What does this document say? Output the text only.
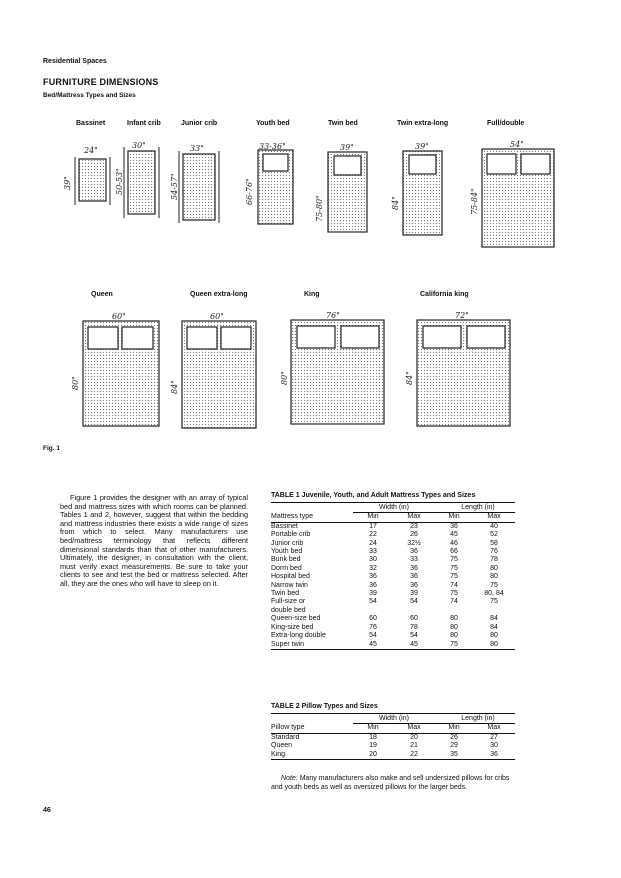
Residential Spaces
FURNITURE DIMENSIONS
Bed/Mattress Types and Sizes
Bassinet	Infant crib	Junior crib	Youth bed	Twin bed	Twin extra-long	Full/double
Queen	Queen extra-long	King	California king
24"
39"
30"
50-53"
33"
54-57"
33-36"
66-76"
39"
75-80"
39"
84"
54"
75-84"
60"
80"
60"
84"
76"
80"
72"
84"
Fig. 1
Figure 1 provides the designer with an array of typical bed and mattress sizes with which rooms can be planned. Tables 1 and 2, however, suggest that within the bedding and mattress industries there exists a wide range of sizes from which to select. Many manufacturers use bed/mattress terminology that reflects different dimensional standards than that of other manufacturers. Ultimately, the designer, in consultation with the client, must verify exact measurements. Be sure to take your clients to see and test the bed or mattress selected. After all, they are the ones who will have to sleep on it.
TABLE 1 Juvenile, Youth, and Adult Mattress Types and Sizes
	Width (in)		Length (in)	
Mattress type	Min	Max	Min	Max
Bassinet	17	23	36	40
Portable crib	22	26	45	52
Junior crib	24	32½	46	58
Youth bed	33	36	66	76
Bunk bed	30	33	75	78
Dorm bed	32	36	75	80
Hospital bed	36	36	75	80
Narrow twin	36	36	74	75
Twin bed	39	39	75	80, 84
Full-size or
double bed	54	54	74	75
Queen-size bed	60	60	80	84
King-size bed	76	78	80	84
Extra-long double	54	54	80	80
Super twin	45	45	75	80
TABLE 2 Pillow Types and Sizes
	Width (in)		Length (in)	
Pillow type	Min	Max	Min	Max
Standard	18	20	26	27
Queen	19	21	29	30
King	20	22	35	36
Note: Many manufacturers also make and sell undersized pillows for cribs and youth beds as well as oversized pillows for the larger beds.
46
